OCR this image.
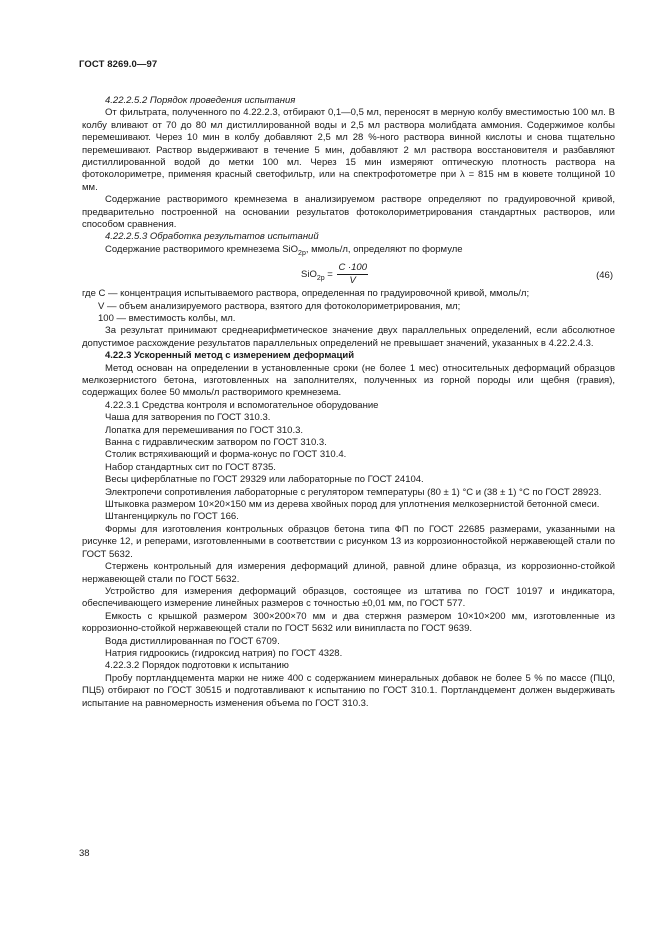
ГОСТ 8269.0—97

4.22.2.5.2 Порядок проведения испытания

От фильтрата, полученного по 4.22.2.3, отбирают 0,1—0,5 мл, переносят в мерную колбу вместимостью 100 мл. В колбу вливают от 70 до 80 мл дистиллированной воды и 2,5 мл раствора молибдата аммония. Содержимое колбы перемешивают. Через 10 мин в колбу добавляют 2,5 мл 28 %-ного раствора винной кислоты и снова тщательно перемешивают. Раствор выдерживают в течение 5 мин, добавляют 2 мл раствора восстановителя и разбавляют дистиллированной водой до метки 100 мл. Через 15 мин измеряют оптическую плотность раствора на фотоколориметре, применяя красный светофильтр, или на спектрофотометре при λ = 815 нм в кювете толщиной 10 мм.

Содержание растворимого кремнезема в анализируемом растворе определяют по градуировочной кривой, предварительно построенной на основании результатов фотоколориметрирования стандартных растворов, или способом сравнения.

4.22.2.5.3 Обработка результатов испытаний

Содержание растворимого кремнезема SiO$_{2р}$, ммоль/л, определяют по формуле

$SiO_{2р} = \frac{C \cdot 100}{V}$	(46)
где C — концентрация испытываемого раствора, определенная по градуировочной кривой, ммоль/л;
V — объем анализируемого раствора, взятого для фотоколориметрирования, мл;
100 — вместимость колбы, мл.

За результат принимают среднеарифметическое значение двух параллельных определений, если абсолютное допустимое расхождение результатов параллельных определений не превышает значений, указанных в 4.22.2.4.3.

4.22.3 Ускоренный метод с измерением деформаций

Метод основан на определении в установленные сроки (не более 1 мес) относительных деформаций образцов мелкозернистого бетона, изготовленных на заполнителях, полученных из горной породы или щебня (гравия), содержащих более 50 ммоль/л растворимого кремнезема.

4.22.3.1 Средства контроля и вспомогательное оборудование

Чаша для затворения по ГОСТ 310.3.

Лопатка для перемешивания по ГОСТ 310.3.

Ванна с гидравлическим затвором по ГОСТ 310.3.

Столик встряхивающий и форма-конус по ГОСТ 310.4.

Набор стандартных сит по ГОСТ 8735.

Весы циферблатные по ГОСТ 29329 или лабораторные по ГОСТ 24104.

Электропечи сопротивления лабораторные с регулятором температуры (80 ± 1) °С и (38 ± 1) °С по ГОСТ 28923.

Штыковка размером 10×20×150 мм из дерева хвойных пород для уплотнения мелкозернистой бетонной смеси.

Штангенциркуль по ГОСТ 166.

Формы для изготовления контрольных образцов бетона типа ФП по ГОСТ 22685 размерами, указанными на рисунке 12, и реперами, изготовленными в соответствии с рисунком 13 из коррозионностойкой нержавеющей стали по ГОСТ 5632.

Стержень контрольный для измерения деформаций длиной, равной длине образца, из коррозионно-стойкой нержавеющей стали по ГОСТ 5632.

Устройство для измерения деформаций образцов, состоящее из штатива по ГОСТ 10197 и индикатора, обеспечивающего измерение линейных размеров с точностью ±0,01 мм, по ГОСТ 577.

Емкость с крышкой размером 300×200×70 мм и два стержня размером 10×10×200 мм, изготовленные из коррозионно-стойкой нержавеющей стали по ГОСТ 5632 или винипласта по ГОСТ 9639.

Вода дистиллированная по ГОСТ 6709.

Натрия гидроокись (гидроксид натрия) по ГОСТ 4328.

4.22.3.2 Порядок подготовки к испытанию

Пробу портландцемента марки не ниже 400 с содержанием минеральных добавок не более 5 % по массе (ПЦ0, ПЦ5) отбирают по ГОСТ 30515 и подготавливают к испытанию по ГОСТ 310.1. Портландцемент должен выдерживать испытание на равномерность изменения объема по ГОСТ 310.3.

38
